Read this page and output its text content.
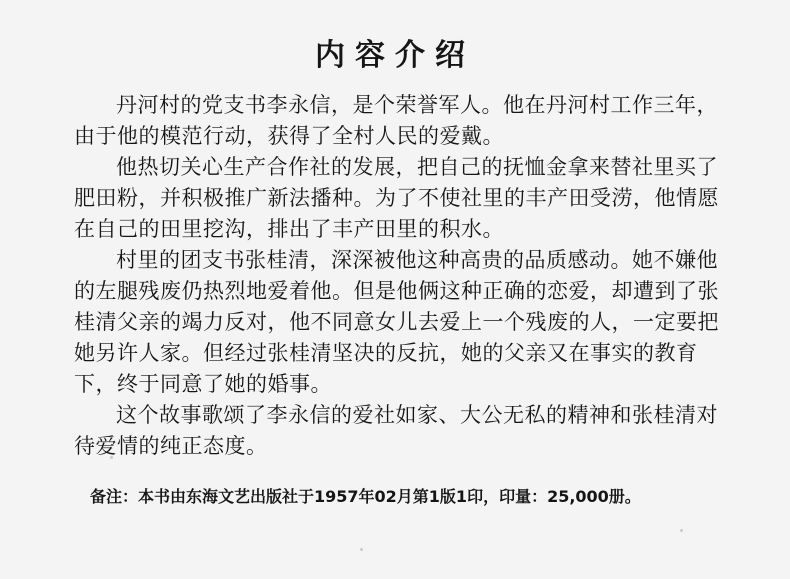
内容介绍

丹河村的党支书李永信，是个荣誉军人。他在丹河村工作三年，由于他的模范行动，获得了全村人民的爱戴。

他热切关心生产合作社的发展，把自己的抚恤金拿来替社里买了肥田粉，并积极推广新法播种。为了不使社里的丰产田受涝，他情愿在自己的田里挖沟，排出了丰产田里的积水。

村里的团支书张桂清，深深被他这种高贵的品质感动。她不嫌他的左腿残废仍热烈地爱着他。但是他俩这种正确的恋爱，却遭到了张桂清父亲的竭力反对，他不同意女儿去爱上一个残废的人，一定要把她另许人家。但经过张桂清坚决的反抗，她的父亲又在事实的教育下，终于同意了她的婚事。

这个故事歌颂了李永信的爱社如家、大公无私的精神和张桂清对待爱情的纯正态度。

备注：本书由东海文艺出版社于1957年02月第1版1印，印量：25,000册。
